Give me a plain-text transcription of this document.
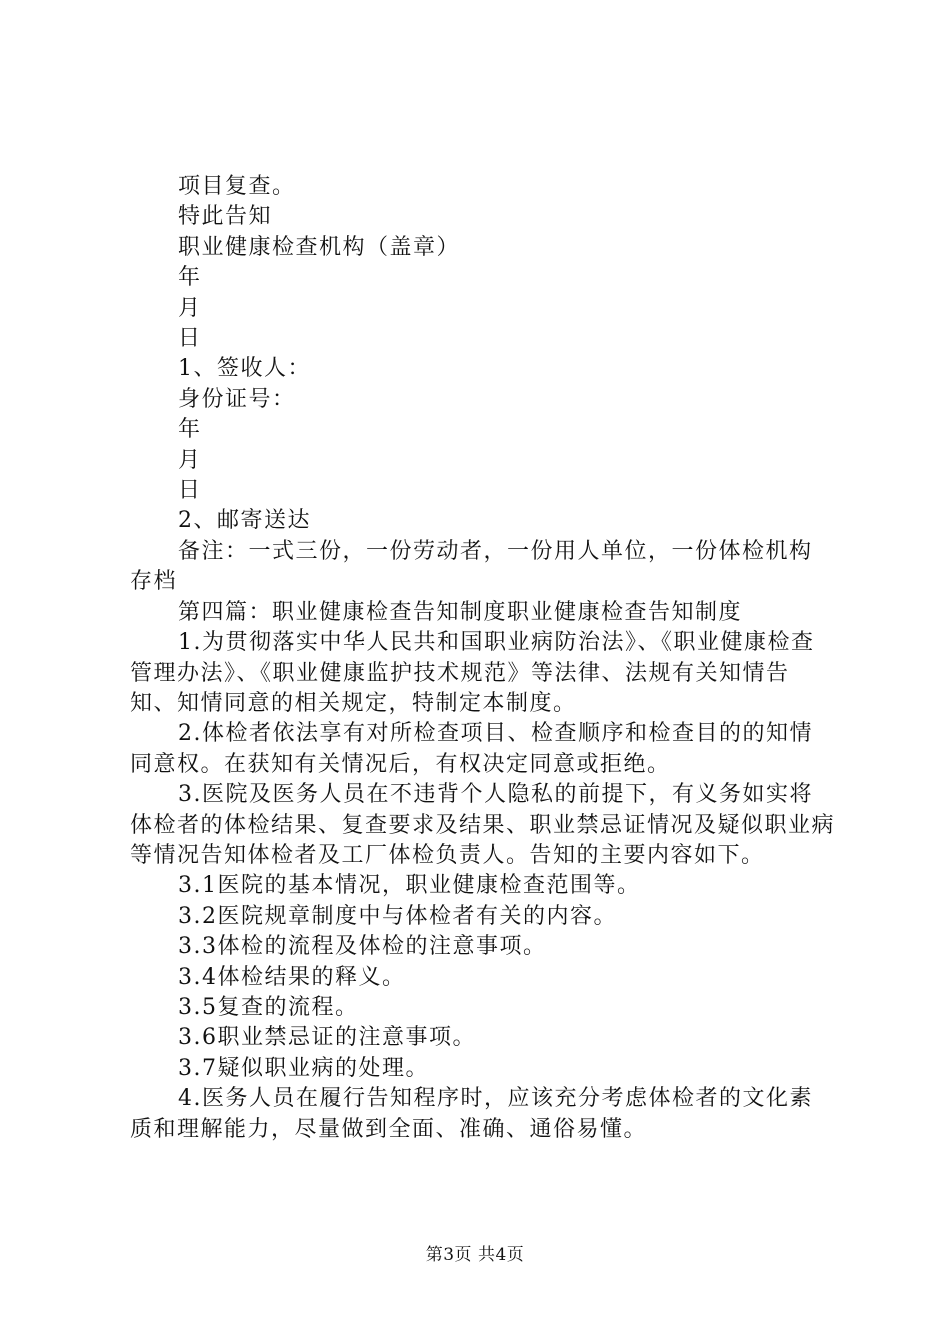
项目复查。

特此告知

职业健康检查机构（盖章）

年

月

日

1、签收人：

身份证号：

年

月

日

2、邮寄送达

备注：一式三份，一份劳动者，一份用人单位，一份体检机构存档

第四篇：职业健康检查告知制度职业健康检查告知制度

1.为贯彻落实中华人民共和国职业病防治法》、《职业健康检查管理办法》、《职业健康监护技术规范》等法律、法规有关知情告知、知情同意的相关规定，特制定本制度。

2.体检者依法享有对所检查项目、检查顺序和检查目的的知情同意权。在获知有关情况后，有权决定同意或拒绝。

3.医院及医务人员在不违背个人隐私的前提下，有义务如实将体检者的体检结果、复查要求及结果、职业禁忌证情况及疑似职业病等情况告知体检者及工厂体检负责人。告知的主要内容如下。

3.1医院的基本情况，职业健康检查范围等。

3.2医院规章制度中与体检者有关的内容。

3.3体检的流程及体检的注意事项。

3.4体检结果的释义。

3.5复查的流程。

3.6职业禁忌证的注意事项。

3.7疑似职业病的处理。

4.医务人员在履行告知程序时，应该充分考虑体检者的文化素质和理解能力，尽量做到全面、准确、通俗易懂。

第3页 共4页
